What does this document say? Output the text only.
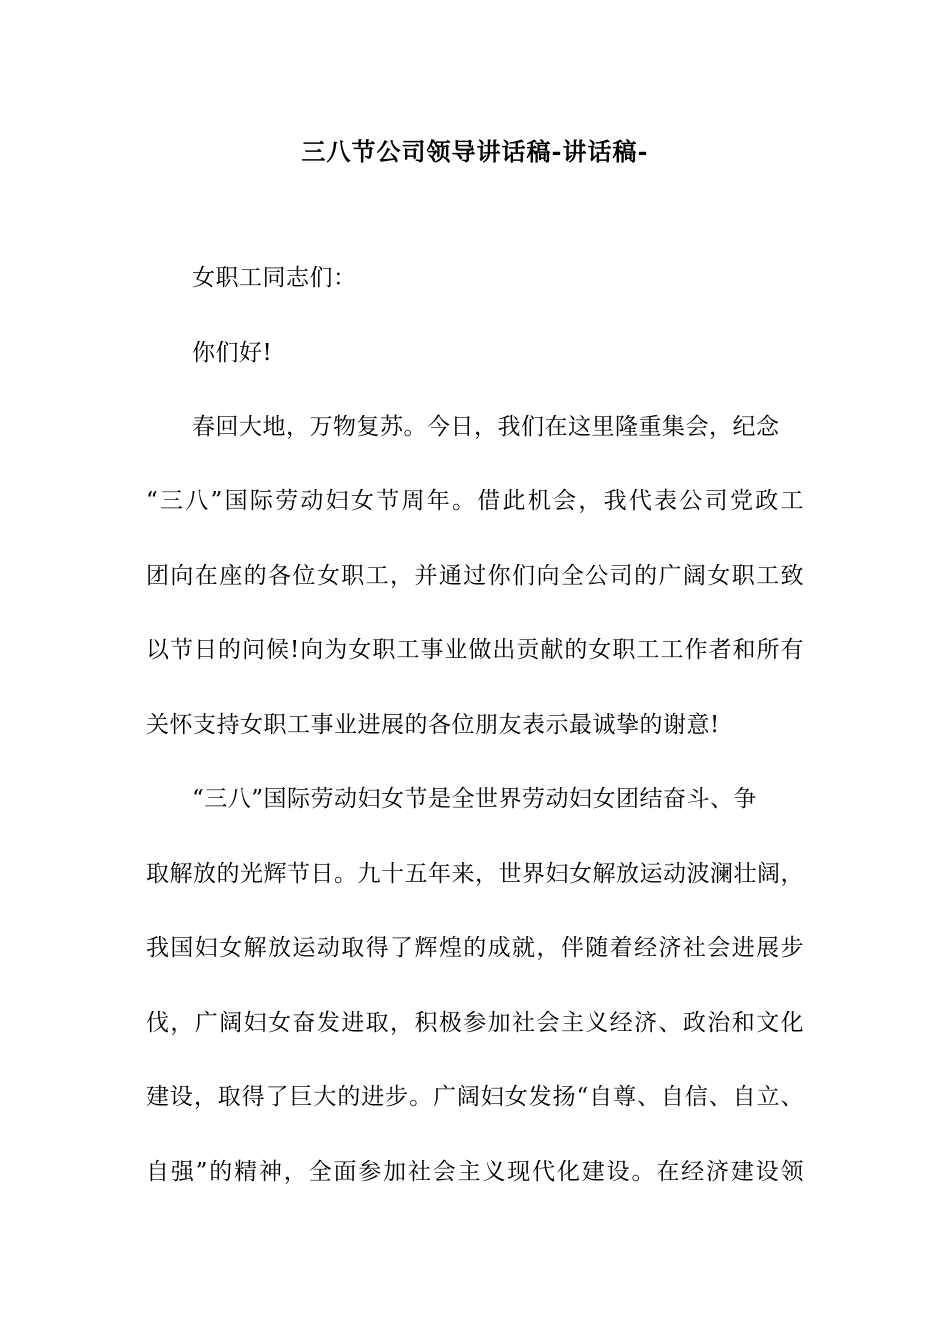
三八节公司领导讲话稿-讲话稿-
女职工同志们：
你们好!
春回大地，万物复苏。今日，我们在这里隆重集会，纪念
“三八”国际劳动妇女节周年。借此机会，我代表公司党政工
团向在座的各位女职工，并通过你们向全公司的广阔女职工致
以节日的问候!向为女职工事业做出贡献的女职工工作者和所有
关怀支持女职工事业进展的各位朋友表示最诚挚的谢意!
“三八”国际劳动妇女节是全世界劳动妇女团结奋斗、争
取解放的光辉节日。九十五年来，世界妇女解放运动波澜壮阔，
我国妇女解放运动取得了辉煌的成就，伴随着经济社会进展步
伐，广阔妇女奋发进取，积极参加社会主义经济、政治和文化
建设，取得了巨大的进步。广阔妇女发扬“自尊、自信、自立、
自强”的精神，全面参加社会主义现代化建设。在经济建设领
